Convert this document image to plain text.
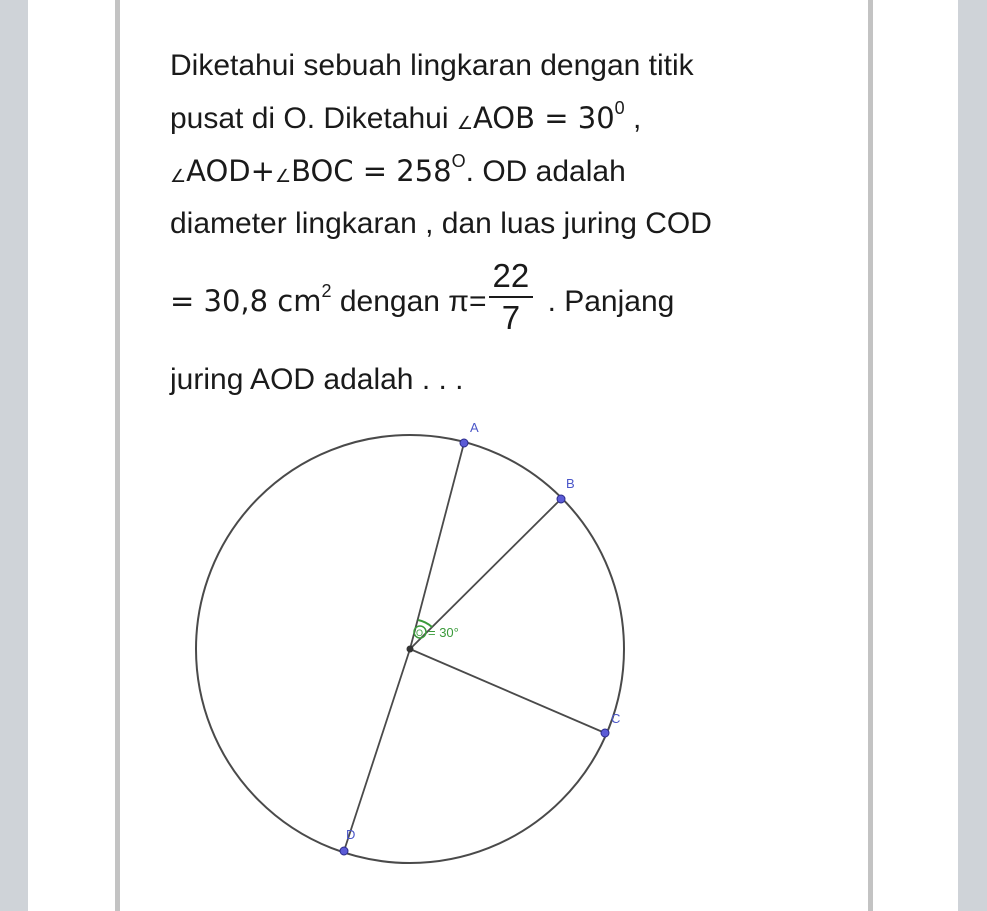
Diketahui sebuah lingkaran dengan titik
pusat di O. Diketahui ∠AOB = $30^0$ ,
∠AOD+∠BOC = $258^O$. OD adalah
diameter lingkaran , dan luas juring COD
= 30,8 $cm^2$ dengan $\pi= \frac{22}{7}$ . Panjang
juring AOD adalah . . .
O = 30°
A
B
C
D
